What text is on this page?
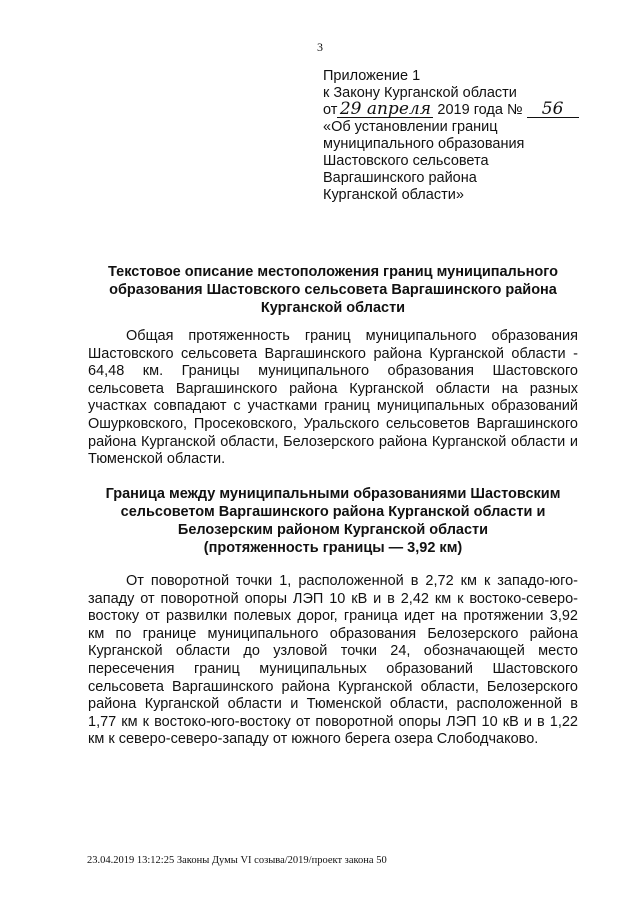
3
Приложение 1
к Закону Курганской области
от 29 апреля 2019 года № 56
«Об установлении границ
муниципального образования
Шастовского сельсовета
Варгашинского района
Курганской области»
Текстовое описание местоположения границ муниципального образования Шастовского сельсовета Варгашинского района Курганской области

Общая протяженность границ муниципального образования Шастовского сельсовета Варгашинского района Курганской области - 64,48 км. Границы муниципального образования Шастовского сельсовета Варгашинского района Курганской области на разных участках совпадают с участками границ муниципальных образований Ошурковского, Просековского, Уральского сельсоветов Варгашинского района Курганской области, Белозерского района Курганской области и Тюменской области.

Граница между муниципальными образованиями Шастовским сельсоветом Варгашинского района Курганской области и Белозерским районом Курганской области
(протяженность границы — 3,92 км)

От поворотной точки 1, расположенной в 2,72 км к западо-юго-западу от поворотной опоры ЛЭП 10 кВ и в 2,42 км к востоко-северо-востоку от развилки полевых дорог, граница идет на протяжении 3,92 км по границе муниципального образования Белозерского района Курганской области до узловой точки 24, обозначающей место пересечения границ муниципальных образований Шастовского сельсовета Варгашинского района Курганской области, Белозерского района Курганской области и Тюменской области, расположенной в 1,77 км к востоко-юго-востоку от поворотной опоры ЛЭП 10 кВ и в 1,22 км к северо-северо-западу от южного берега озера Слободчаково.

23.04.2019 13:12:25 Законы Думы VI созыва/2019/проект закона 50
